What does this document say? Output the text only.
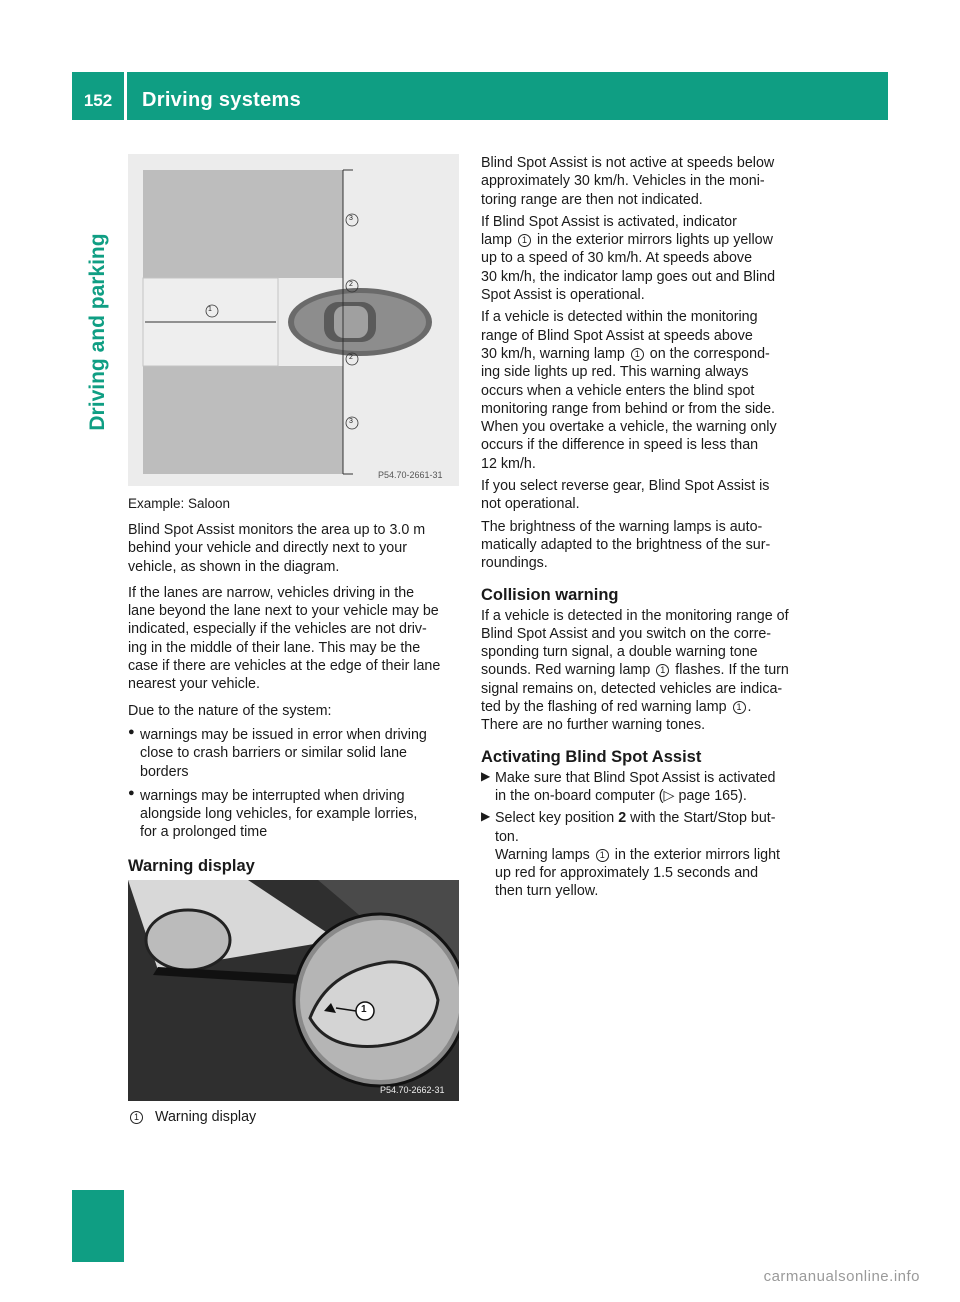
152	Driving systems
Driving and parking	1
2
2
3
3
P54.70-2661-31
Example: Saloon

Blind Spot Assist monitors the area up to 3.0 m

behind your vehicle and directly next to your

vehicle, as shown in the diagram.

If the lanes are narrow, vehicles driving in the

lane beyond the lane next to your vehicle may be

indicated, especially if the vehicles are not driv-

ing in the middle of their lane. This may be the

case if there are vehicles at the edge of their lane

nearest your vehicle.

Due to the nature of the system:

● warnings may be issued in error when driving

close to crash barriers or similar solid lane

borders

● warnings may be interrupted when driving

alongside long vehicles, for example lorries,

for a prolonged time

Warning display
1
P54.70-2662-31
1 Warning display

Blind Spot Assist is not active at speeds below

approximately 30 km/h. Vehicles in the moni-

toring range are then not indicated.

If Blind Spot Assist is activated, indicator

lamp 1 in the exterior mirrors lights up yellow

up to a speed of 30 km/h. At speeds above

30 km/h, the indicator lamp goes out and Blind

Spot Assist is operational.

If a vehicle is detected within the monitoring

range of Blind Spot Assist at speeds above

30 km/h, warning lamp 1 on the correspond-

ing side lights up red. This warning always

occurs when a vehicle enters the blind spot

monitoring range from behind or from the side.

When you overtake a vehicle, the warning only

occurs if the difference in speed is less than

12 km/h.

If you select reverse gear, Blind Spot Assist is

not operational.

The brightness of the warning lamps is auto-

matically adapted to the brightness of the sur-

roundings.

Collision warning

If a vehicle is detected in the monitoring range of

Blind Spot Assist and you switch on the corre-

sponding turn signal, a double warning tone

sounds. Red warning lamp 1 flashes. If the turn

signal remains on, detected vehicles are indica-

ted by the flashing of red warning lamp 1 .

There are no further warning tones.

Activating Blind Spot Assist
▶ Make sure that Blind Spot Assist is activated

in the on-board computer (▷ page 165).

▶ Select key position 2 with the Start/Stop but-

ton.

Warning lamps 1 in the exterior mirrors light

up red for approximately 1.5 seconds and

then turn yellow.

carmanualsonline.info
